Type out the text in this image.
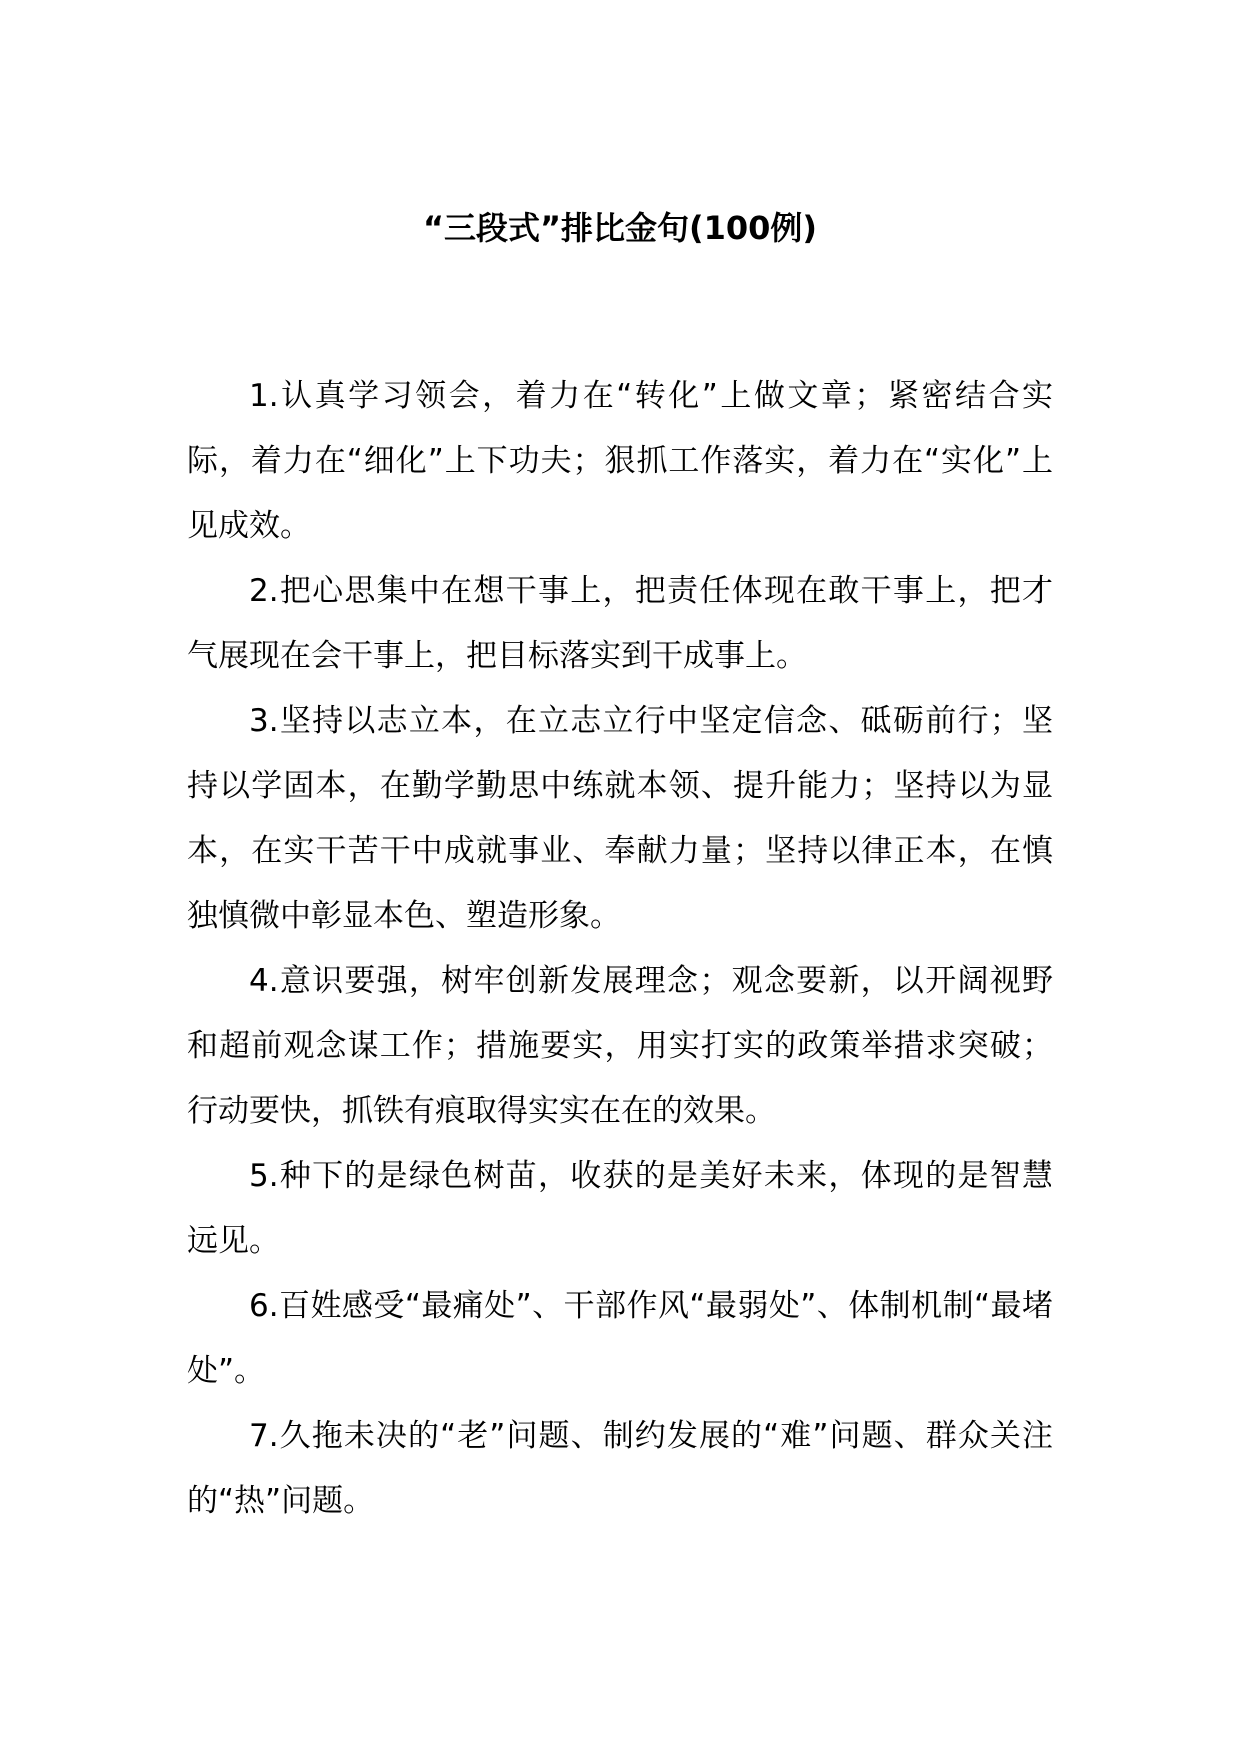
“三段式”排比金句(100例)

1.认真学习领会，着力在“转化”上做文章；紧密结合实际，着力在“细化”上下功夫；狠抓工作落实，着力在“实化”上见成效。

2.把心思集中在想干事上，把责任体现在敢干事上，把才气展现在会干事上，把目标落实到干成事上。

3.坚持以志立本，在立志立行中坚定信念、砥砺前行；坚持以学固本，在勤学勤思中练就本领、提升能力；坚持以为显本，在实干苦干中成就事业、奉献力量；坚持以律正本，在慎独慎微中彰显本色、塑造形象。

4.意识要强，树牢创新发展理念；观念要新，以开阔视野和超前观念谋工作；措施要实，用实打实的政策举措求突破；行动要快，抓铁有痕取得实实在在的效果。

5.种下的是绿色树苗，收获的是美好未来，体现的是智慧远见。

6.百姓感受“最痛处”、干部作风“最弱处”、体制机制“最堵处”。

7.久拖未决的“老”问题、制约发展的“难”问题、群众关注的“热”问题。
